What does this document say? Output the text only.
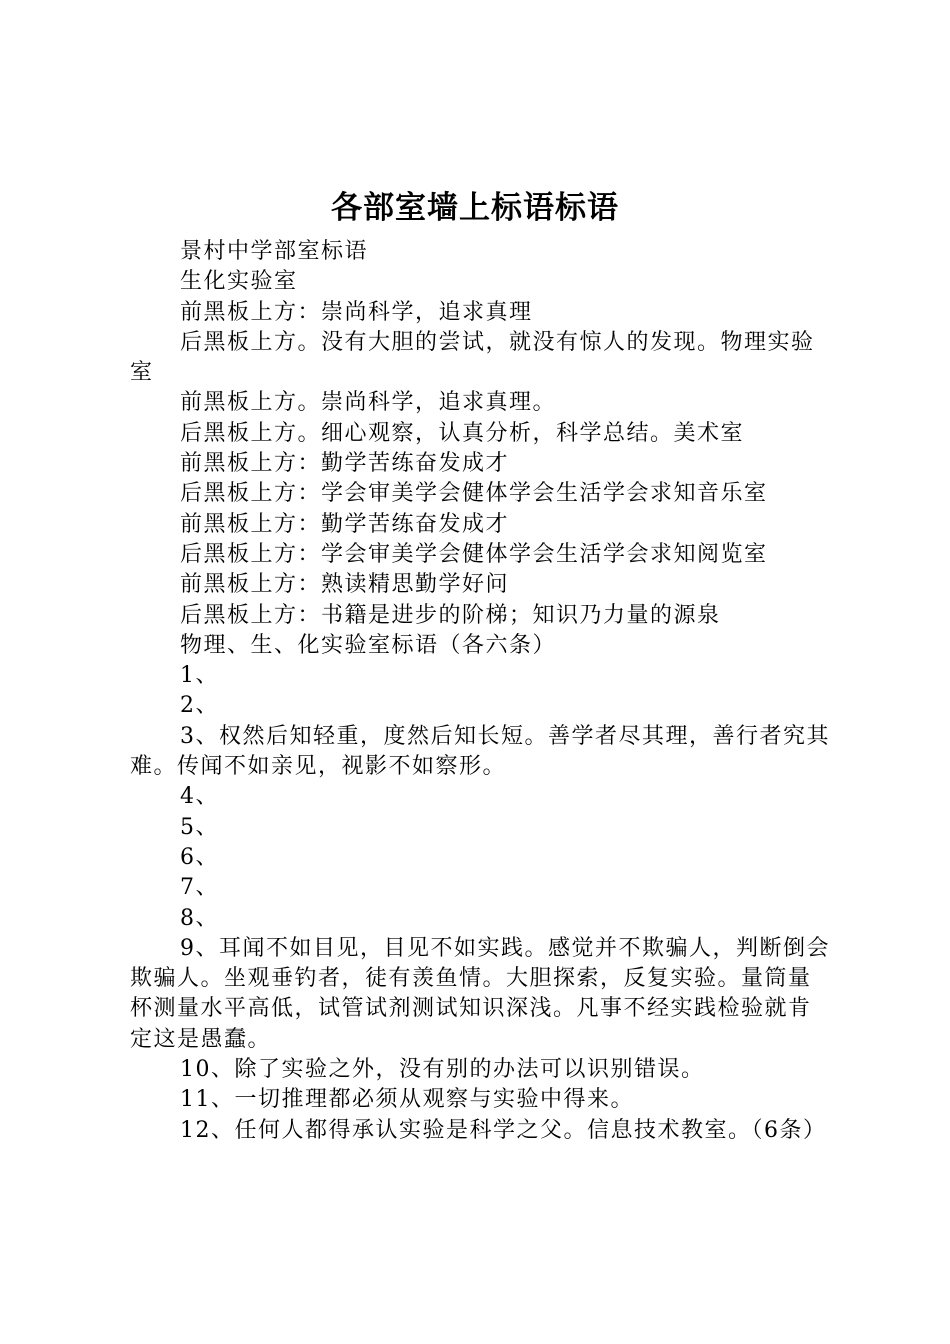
各部室墙上标语标语

景村中学部室标语

生化实验室

前黑板上方：崇尚科学，追求真理

后黑板上方。没有大胆的尝试，就没有惊人的发现。物理实验室

前黑板上方。崇尚科学，追求真理。

后黑板上方。细心观察，认真分析，科学总结。美术室

前黑板上方：勤学苦练奋发成才

后黑板上方：学会审美学会健体学会生活学会求知音乐室

前黑板上方：勤学苦练奋发成才

后黑板上方：学会审美学会健体学会生活学会求知阅览室

前黑板上方：熟读精思勤学好问

后黑板上方：书籍是进步的阶梯；知识乃力量的源泉

物理、生、化实验室标语（各六条）

1、

2、

3、权然后知轻重，度然后知长短。善学者尽其理，善行者究其难。传闻不如亲见，视影不如察形。

4、

5、

6、

7、

8、

9、耳闻不如目见，目见不如实践。感觉并不欺骗人，判断倒会欺骗人。坐观垂钓者，徒有羡鱼情。大胆探索，反复实验。量筒量杯测量水平高低，试管试剂测试知识深浅。凡事不经实践检验就肯定这是愚蠢。

10、除了实验之外，没有别的办法可以识别错误。

11、一切推理都必须从观察与实验中得来。

12、任何人都得承认实验是科学之父。信息技术教室。（6条）
